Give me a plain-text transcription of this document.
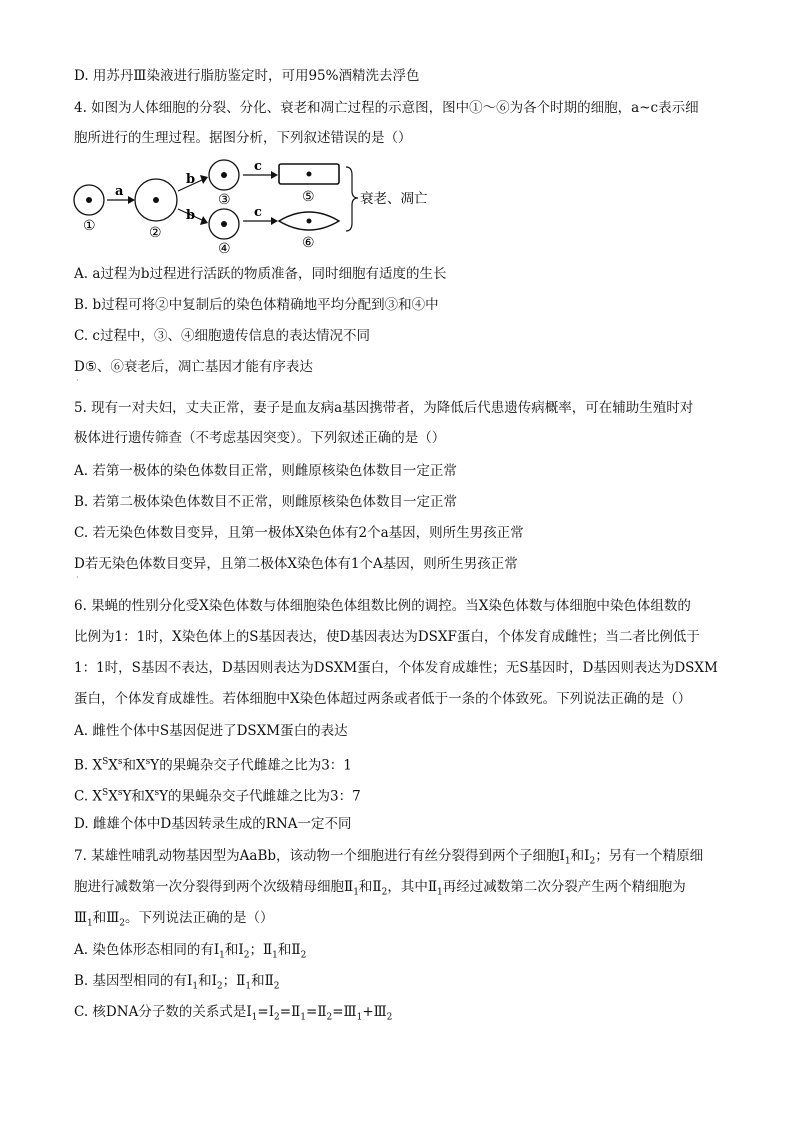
D. 用苏丹Ⅲ染液进行脂肪鉴定时，可用95%酒精洗去浮色
4. 如图为人体细胞的分裂、分化、衰老和凋亡过程的示意图，图中①～⑥为各个时期的细胞，a~c表示细
胞所进行的生理过程。据图分析，下列叙述错误的是（）
①
a
②
b
b
③
④
c
c
⑤
⑥
衰老、凋亡
A. a过程为b过程进行活跃的物质准备，同时细胞有适度的生长
B. b过程可将②中复制后的染色体精确地平均分配到③和④中
C. c过程中，③、④细胞遗传信息的表达情况不同
D⑤、⑥衰老后，凋亡基因才能有序表达
·
5. 现有一对夫妇，丈夫正常，妻子是血友病a基因携带者，为降低后代患遗传病概率，可在辅助生殖时对
极体进行遗传筛查（不考虑基因突变）。下列叙述正确的是（）
A. 若第一极体的染色体数目正常，则雌原核染色体数目一定正常
B. 若第二极体染色体数目不正常，则雌原核染色体数目一定正常
C. 若无染色体数目变异，且第一极体X染色体有2个a基因，则所生男孩正常
D若无染色体数目变异，且第二极体X染色体有1个A基因，则所生男孩正常
·
6. 果蝇的性别分化受X染色体数与体细胞染色体组数比例的调控。当X染色体数与体细胞中染色体组数的
比例为1：1时，X染色体上的S基因表达，使D基因表达为DSXF蛋白，个体发育成雌性；当二者比例低于
1：1时，S基因不表达，D基因则表达为DSXM蛋白，个体发育成雄性；无S基因时，D基因则表达为DSXM
蛋白，个体发育成雄性。若体细胞中X染色体超过两条或者低于一条的个体致死。下列说法正确的是（）
A. 雌性个体中S基因促进了DSXM蛋白的表达
B. $X^SX^s$和$X^sY$的果蝇杂交子代雌雄之比为3：1
C. $X^SX^sY$和$X^sY$的果蝇杂交子代雌雄之比为3：7
D. 雌雄个体中D基因转录生成的RNA一定不同
7. 某雄性哺乳动物基因型为AaBb，该动物一个细胞进行有丝分裂得到两个子细胞$I_1$和$I_2$；另有一个精原细
胞进行减数第一次分裂得到两个次级精母细胞$Ⅱ_1$和$Ⅱ_2$，其中$Ⅱ_1$再经过减数第二次分裂产生两个精细胞为
$Ⅲ_1$和$Ⅲ_2$。下列说法正确的是（）
A. 染色体形态相同的有$I_1$和$I_2$；$Ⅱ_1$和$Ⅱ_2$
B. 基因型相同的有$I_1$和$I_2$；$Ⅱ_1$和$Ⅱ_2$
C. 核DNA分子数的关系式是$I_1=I_2=Ⅱ_1=Ⅱ_2=Ⅲ_1+Ⅲ_2$
